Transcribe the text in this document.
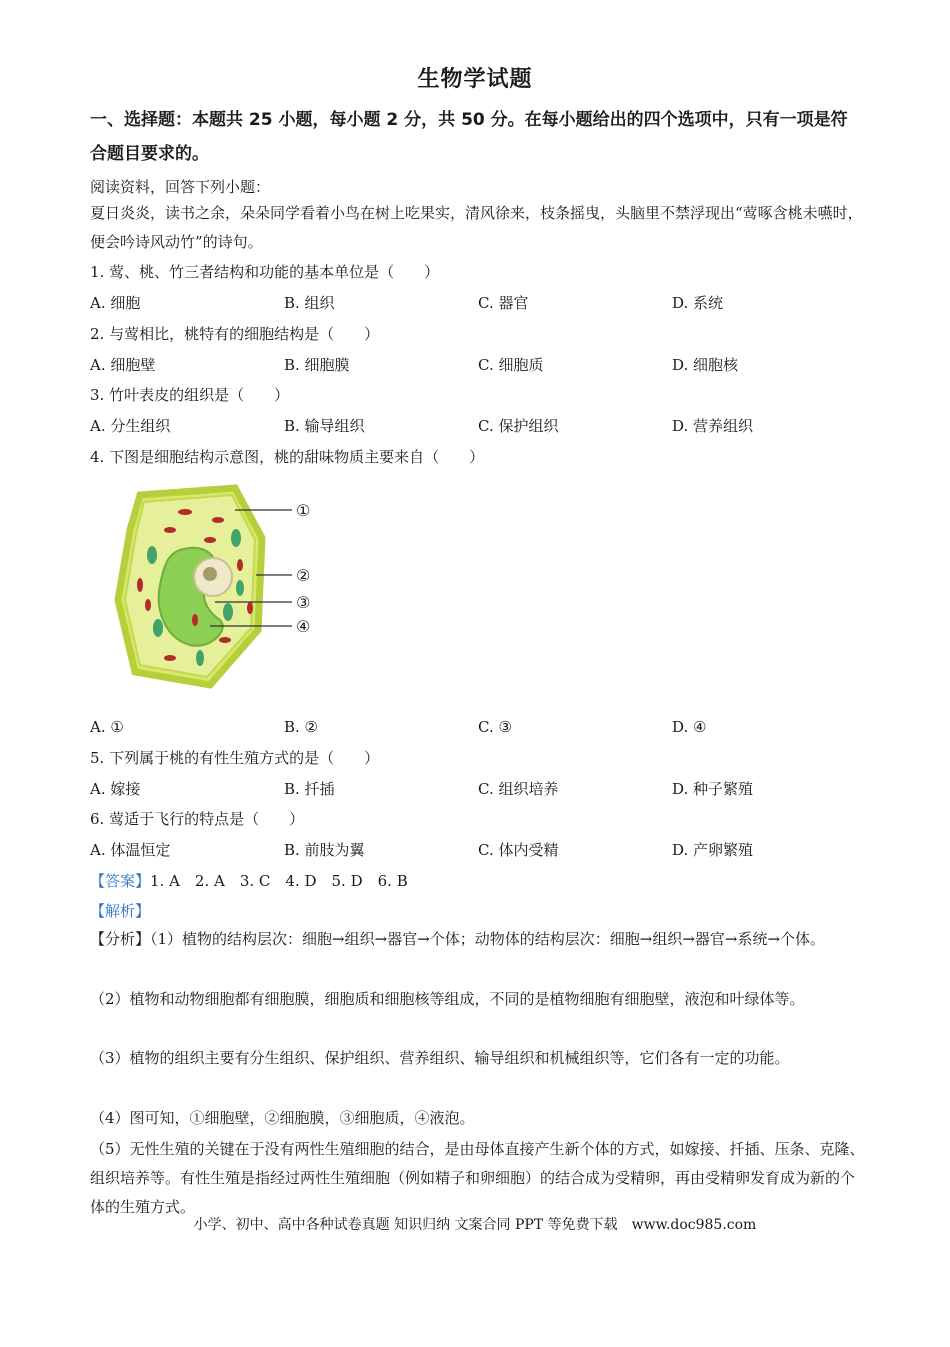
生物学试题
一、选择题：本题共 25 小题，每小题 2 分，共 50 分。在每小题给出的四个选项中，只有一项是符合题目要求的。
阅读资料，回答下列小题：
夏日炎炎，读书之余，朵朵同学看着小鸟在树上吃果实，清风徐来，枝条摇曳，头脑里不禁浮现出“莺啄含桃未嚥时，便会吟诗风动竹”的诗句。
1. 莺、桃、竹三者结构和功能的基本单位是（　　）
A. 细胞	B. 组织	C. 器官	D. 系统
2. 与莺相比，桃特有的细胞结构是（　　）
A. 细胞壁	B. 细胞膜	C. 细胞质	D. 细胞核
3. 竹叶表皮的组织是（　　）
A. 分生组织	B. 输导组织	C. 保护组织	D. 营养组织
4. 下图是细胞结构示意图，桃的甜味物质主要来自（　　）
①
②
③
④
A. ①	B. ②	C. ③	D. ④
5. 下列属于桃的有性生殖方式的是（　　）
A. 嫁接	B. 扦插	C. 组织培养	D. 种子繁殖
6. 莺适于飞行的特点是（　　）
A. 体温恒定	B. 前肢为翼	C. 体内受精	D. 产卵繁殖
【答案】1. A　2. A　3. C　4. D　5. D　6. B
【解析】
【分析】（1）植物的结构层次：细胞→组织→器官→个体；动物体的结构层次：细胞→组织→器官→系统→个体。
（2）植物和动物细胞都有细胞膜，细胞质和细胞核等组成，不同的是植物细胞有细胞壁，液泡和叶绿体等。
（3）植物的组织主要有分生组织、保护组织、营养组织、输导组织和机械组织等，它们各有一定的功能。
（4）图可知，①细胞壁，②细胞膜，③细胞质，④液泡。
（5）无性生殖的关键在于没有两性生殖细胞的结合，是由母体直接产生新个体的方式，如嫁接、扦插、压条、克隆、组织培养等。有性生殖是指经过两性生殖细胞（例如精子和卵细胞）的结合成为受精卵，再由受精卵发育成为新的个体的生殖方式。
小学、初中、高中各种试卷真题 知识归纳 文案合同 PPT 等免费下载　www.doc985.com
